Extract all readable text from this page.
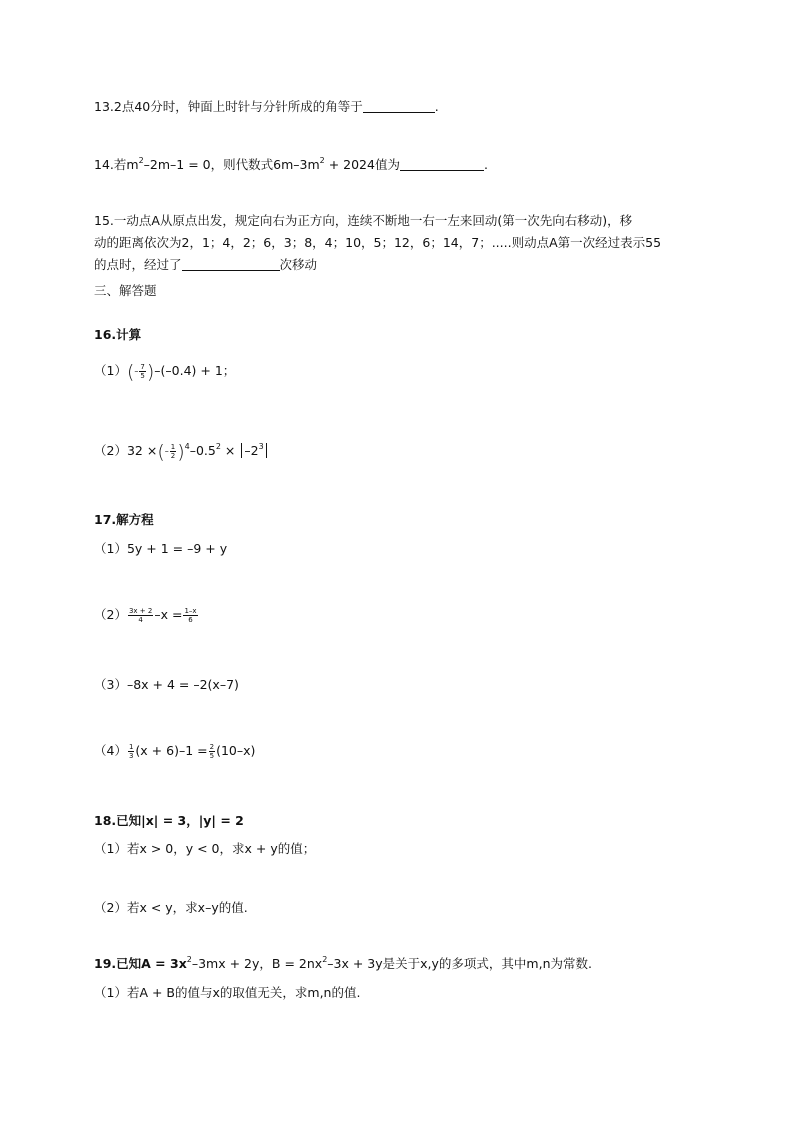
13.2点40分时，钟面上时针与分针所成的角等于	.
14.若$m^2-2m-1 = 0$，则代数式$6m-3m^2 + 2024$值为	.
15.一动点A从原点出发，规定向右为正方向，连续不断地一右一左来回动(第一次先向右移动)，移
动的距离依次为2，1；4，2；6，3；8，4；10，5；12，6；14，7；.....则动点A第一次经过表示55
的点时，经过了	次移动
三、解答题
16.计算
$(1)(- \frac{7}{5} )-(-0.4) + 1$；
（2）32 ×(– $\frac{1}{2} )^4-0.5^2 \times -2^3$
17.解方程
（1）5y + 1 = –9 + y
$(2) \frac{3x + 2}{4} -x = \frac{1-x}{6}$
（3）–8x + 4 = –2(x–7)
$(4) \frac{1}{3} (x + 6)-1 = \frac{2}{5} (10-x)$
18.已知|x| = 3，|y| = 2
（1）若x > 0，y < 0，求x + y的值；
（2）若x < y，求x–y的值.
19.已知$A = 3x^2-3mx + 2y$，$B = 2nx^2-3x + 3y$是关于x,y的多项式，其中m,n为常数.
（1）若A + B的值与x的取值无关，求m,n的值.
